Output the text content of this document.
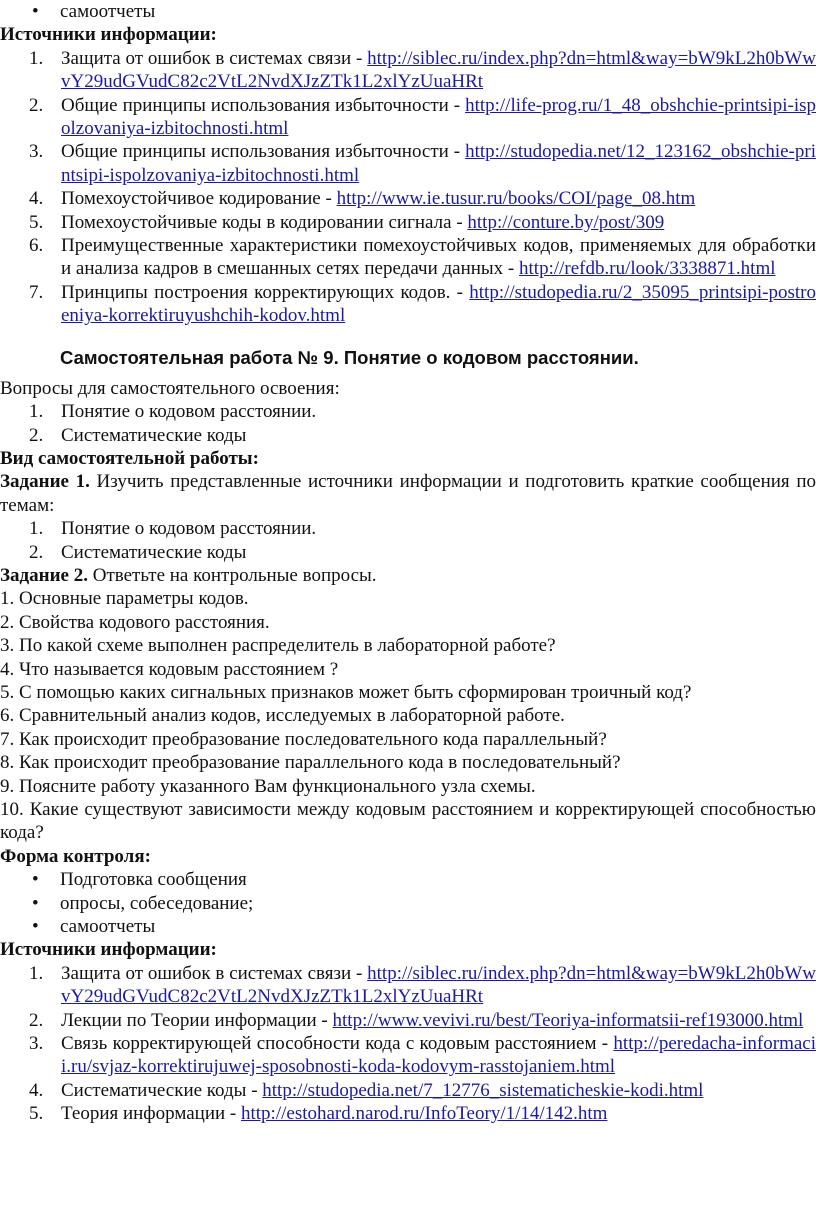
• самоотчеты

Источники информации:

1. Защита от ошибок в системах связи - http://siblec.ru/index.php?dn=html&way=bW9kL2h0bWwvY29udGVudC82c2VtL2NvdXJzZTk1L2xlYzUuaHRt
2. Общие принципы использования избыточности - http://life-prog.ru/1_48_obshchie-printsipi-ispolzovaniya-izbitochnosti.html
3. Общие принципы использования избыточности - http://studopedia.net/12_123162_obshchie-printsipi-ispolzovaniya-izbitochnosti.html
4. Помехоустойчивое кодирование - http://www.ie.tusur.ru/books/COI/page_08.htm
5. Помехоустойчивые коды в кодировании сигнала - http://conture.by/post/309
6. Преимущественные характеристики помехоустойчивых кодов, применяемых для обработки и анализа кадров в смешанных сетях передачи данных - http://refdb.ru/look/3338871.html
7. Принципы построения корректирующих кодов. - http://studopedia.ru/2_35095_printsipi-postroeniya-korrektiruyushchih-kodov.html
Самостоятельная работа № 9. Понятие о кодовом расстоянии.

Вопросы для самостоятельного освоения:

1. Понятие о кодовом расстоянии.
2. Систематические коды

Вид самостоятельной работы:

Задание 1. Изучить представленные источники информации и подготовить краткие сообщения по темам:

1. Понятие о кодовом расстоянии.
2. Систематические коды

Задание 2. Ответьте на контрольные вопросы.

1. Основные параметры кодов.

2. Свойства кодового расстояния.

3. По какой схеме выполнен распределитель в лабораторной работе?

4. Что называется кодовым расстоянием ?

5. С помощью каких сигнальных признаков может быть сформирован троичный код?

6. Сравнительный анализ кодов, исследуемых в лабораторной работе.

7. Как происходит преобразование последовательного кода параллельный?

8. Как происходит преобразование параллельного кода в последовательный?

9. Поясните работу указанного Вам функционального узла схемы.

10. Какие существуют зависимости между кодовым расстоянием и корректирующей способностью кода?

Форма контроля:

• Подготовка сообщения
• опросы, собеседование;
• самоотчеты

Источники информации:

1. Защита от ошибок в системах связи - http://siblec.ru/index.php?dn=html&way=bW9kL2h0bWwvY29udGVudC82c2VtL2NvdXJzZTk1L2xlYzUuaHRt
2. Лекции по Теории информации - http://www.vevivi.ru/best/Teoriya-informatsii-ref193000.html
3. Связь корректирующей способности кода с кодовым расстоянием - http://peredacha-informacii.ru/svjaz-korrektirujuwej-sposobnosti-koda-kodovym-rasstojaniem.html
4. Систематические коды - http://studopedia.net/7_12776_sistematicheskie-kodi.html
5. Теория информации - http://estohard.narod.ru/InfoTeory/1/14/142.htm
